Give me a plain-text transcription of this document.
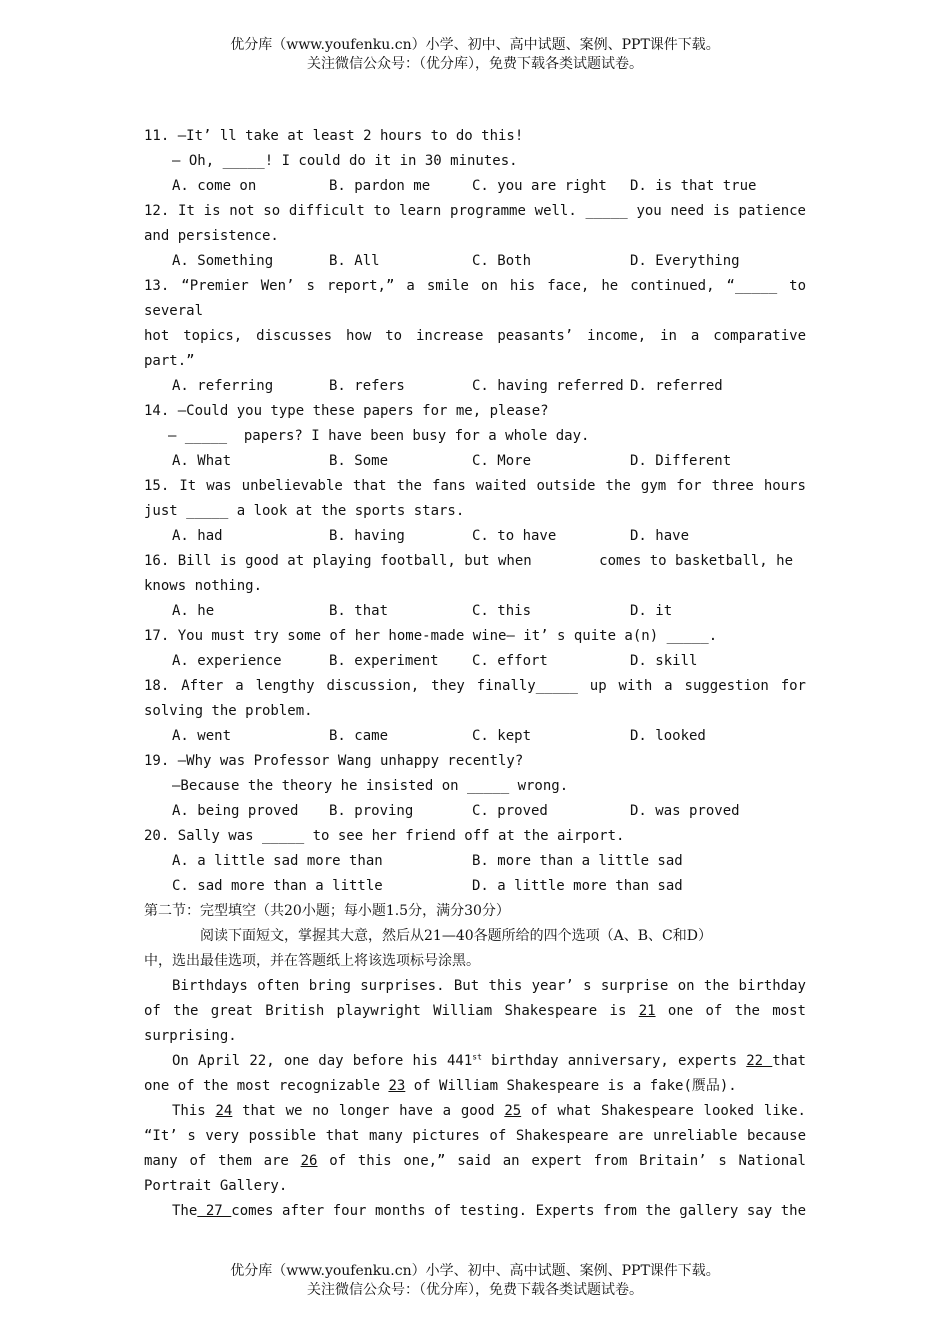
优分库（www.youfenku.cn）小学、初中、高中试题、案例、PPT课件下载。
关注微信公众号：（优分库），免费下载各类试题试卷。
11. —It’ ll take at least 2 hours to do this!
— Oh, _____! I could do it in 30 minutes.
A. come on	B. pardon me	C. you are right	D. is that true
12. It is not so difficult to learn programme well. _____ you need is patience
and persistence.
A. Something	B. All	C. Both	D. Everything
13. “Premier Wen’ s report,” a smile on his face, he continued, “_____ to
several
hot topics, discusses how to increase peasants’ income, in a comparative
part.”
A. referring	B. refers	C. having referred D. referred
14. —Could you type these papers for me, please?
— _____  papers? I have been busy for a whole day.
A. What	B. Some	C. More	D. Different
15. It was unbelievable that the fans waited outside the gym for three hours
just _____ a look at the sports stars.
A. had	B. having	C. to have	D. have
16. Bill is good at playing football, but when        comes to basketball, he
knows nothing.
A. he	B. that	C. this	D. it
17. You must try some of her home-made wine— it’ s quite a(n) _____.
A. experience	B. experiment	C. effort	D. skill
18. After a lengthy discussion, they finally_____ up with a suggestion for
solving the problem.
A. went	B. came	C. kept	D. looked
19. —Why was Professor Wang unhappy recently?
—Because the theory he insisted on _____ wrong.
A. being proved	B. proving	C. proved	D. was proved
20. Sally was _____ to see her friend off at the airport.
A. a little sad more than	B. more than a little sad
C. sad more than a little	D. a little more than sad
第二节：完型填空（共20小题；每小题1.5分，满分30分）
阅读下面短文，掌握其大意，然后从21—40各题所给的四个选项（A、B、C和D）
中，选出最佳选项，并在答题纸上将该选项标号涂黑。
Birthdays often bring surprises. But this year’ s surprise on the birthday
of the great British playwright William Shakespeare is 21 one of the most
surprising.
On April 22, one day before his 441st birthday anniversary, experts 22 that
one of the most recognizable 23 of William Shakespeare is a fake(赝品).
This 24 that we no longer have a good 25 of what Shakespeare looked like.
“It’ s very possible that many pictures of Shakespeare are unreliable because
many of them are 26 of this one,” said an expert from Britain’ s National
Portrait Gallery.
The 27 comes after four months of testing. Experts from the gallery say the
优分库（www.youfenku.cn）小学、初中、高中试题、案例、PPT课件下载。
关注微信公众号：（优分库），免费下载各类试题试卷。
